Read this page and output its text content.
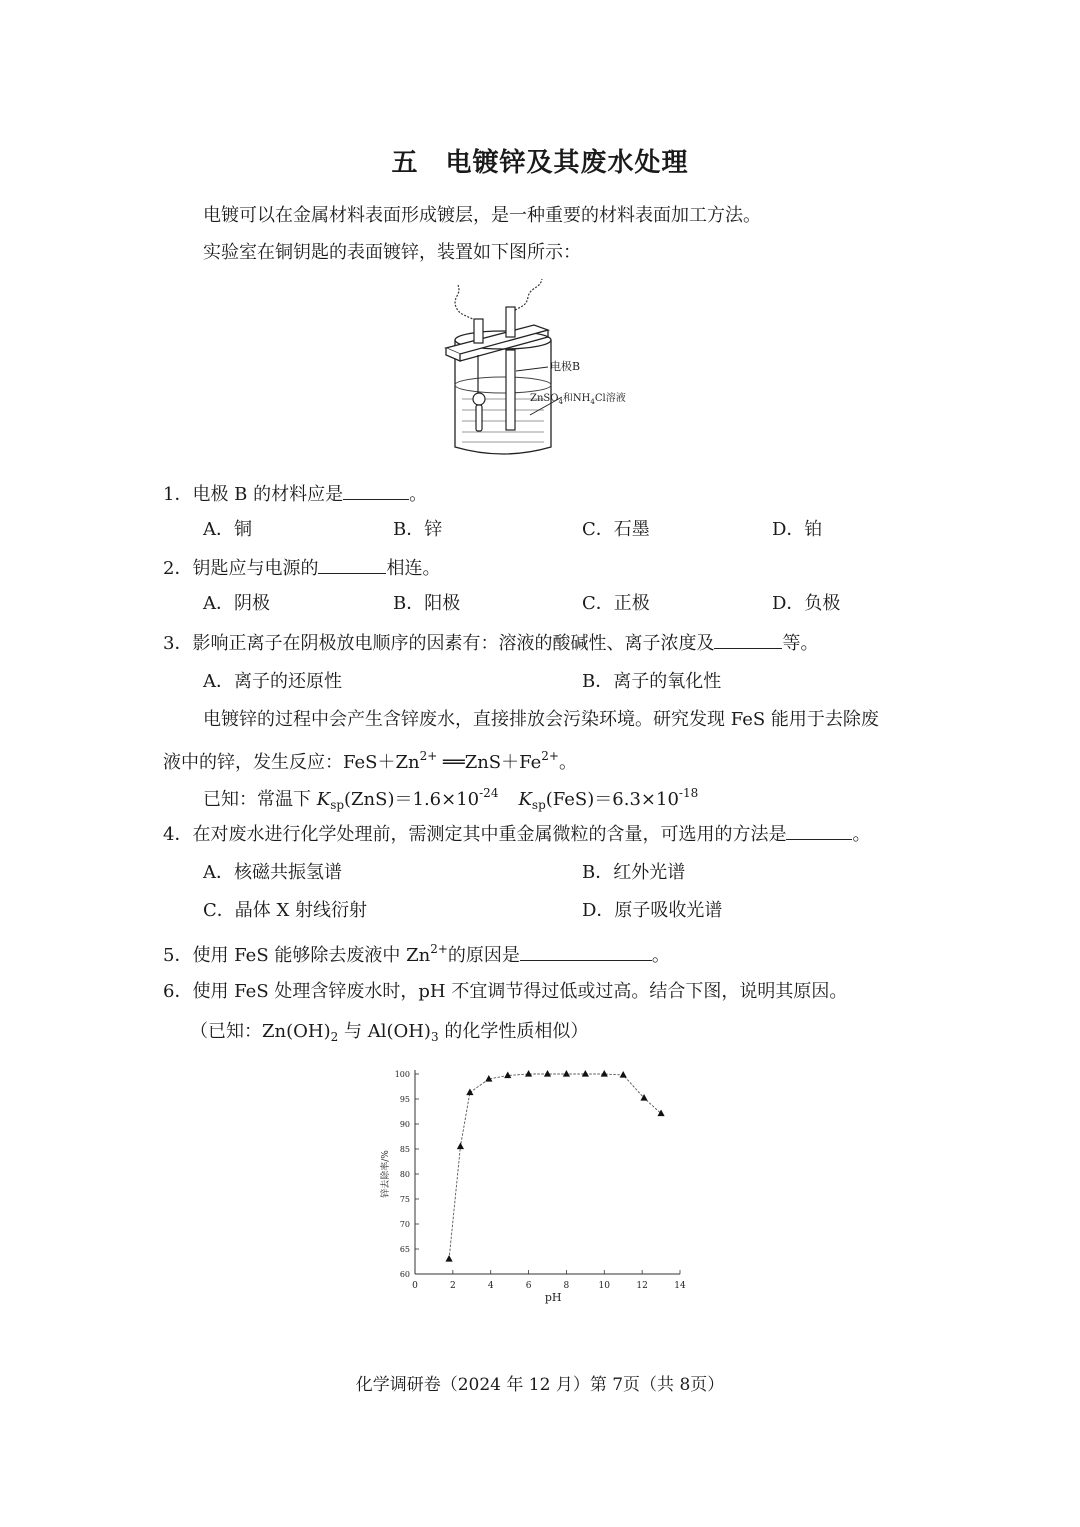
五　电镀锌及其废水处理
电镀可以在金属材料表面形成镀层，是一种重要的材料表面加工方法。
实验室在铜钥匙的表面镀锌，装置如下图所示：
电极B
ZnSO$_4$和$NH_4Cl$溶液
1．电极 B 的材料应是	。
A．铜	B．锌	C．石墨	D．铂
2．钥匙应与电源的	相连。
A．阴极	B．阳极	C．正极	D．负极
3．影响正离子在阴极放电顺序的因素有：溶液的酸碱性、离子浓度及	等。
A．离子的还原性	B．离子的氧化性
电镀锌的过程中会产生含锌废水，直接排放会污染环境。研究发现 FeS 能用于去除废
液中的锌，发生反应：$FeS+Zn^{2+}$ $══ZnS+Fe^{2+}$。
已知：常温下 $K_{sp}(ZnS)=1.6\times 10^{-24}$ $K_{sp}(FeS)=6.3\times 10^{-18}$
4．在对废水进行化学处理前，需测定其中重金属微粒的含量，可选用的方法是	。
A．核磁共振氢谱	B．红外光谱
C．晶体 X 射线衍射	D．原子吸收光谱
5．使用 FeS 能够除去废液中 $Zn^{2+}$的原因是	。
6．使用 FeS 处理含锌废水时，pH 不宜调节得过低或过高。结合下图，说明其原因。
（已知：$Zn(OH)_2$ 与 $Al(OH)_3$ 的化学性质相似）
0	2	4	6	8	10	12	14
60
65
70
75
80
85
90
95
100
pH
锌去除率/%
化学调研卷（2024 年 12 月）第 7页（共 8页）
